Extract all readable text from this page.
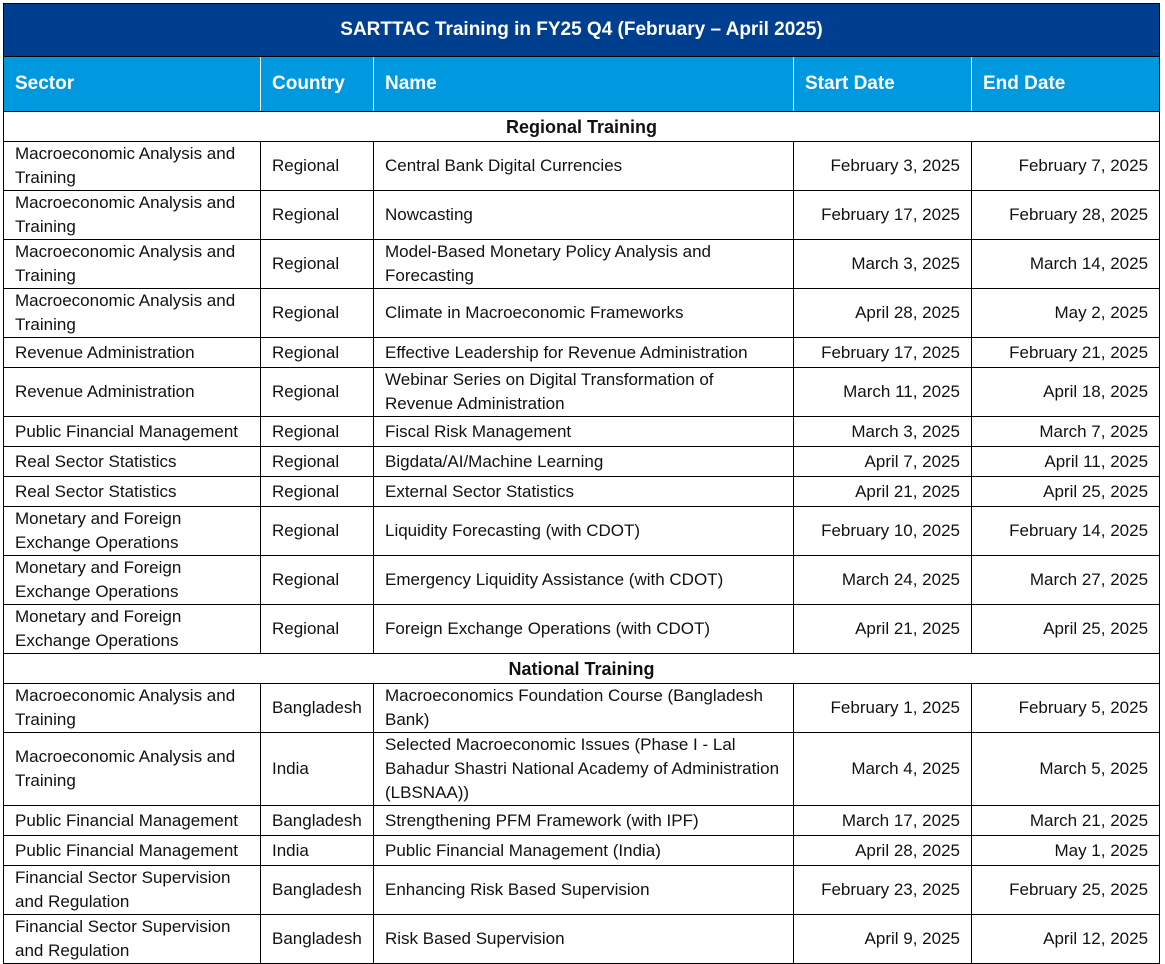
SARTTAC Training in FY25 Q4 (February – April 2025)				
Sector	Country	Name	Start Date	End Date
Regional Training				
Macroeconomic Analysis and Training	Regional	Central Bank Digital Currencies	February 3, 2025	February 7, 2025
Macroeconomic Analysis and Training	Regional	Nowcasting	February 17, 2025	February 28, 2025
Macroeconomic Analysis and Training	Regional	Model-Based Monetary Policy Analysis and Forecasting	March 3, 2025	March 14, 2025
Macroeconomic Analysis and Training	Regional	Climate in Macroeconomic Frameworks	April 28, 2025	May 2, 2025
Revenue Administration	Regional	Effective Leadership for Revenue Administration	February 17, 2025	February 21, 2025
Revenue Administration	Regional	Webinar Series on Digital Transformation of Revenue Administration	March 11, 2025	April 18, 2025
Public Financial Management	Regional	Fiscal Risk Management	March 3, 2025	March 7, 2025
Real Sector Statistics	Regional	Bigdata/AI/Machine Learning	April 7, 2025	April 11, 2025
Real Sector Statistics	Regional	External Sector Statistics	April 21, 2025	April 25, 2025
Monetary and Foreign Exchange Operations	Regional	Liquidity Forecasting (with CDOT)	February 10, 2025	February 14, 2025
Monetary and Foreign Exchange Operations	Regional	Emergency Liquidity Assistance (with CDOT)	March 24, 2025	March 27, 2025
Monetary and Foreign Exchange Operations	Regional	Foreign Exchange Operations (with CDOT)	April 21, 2025	April 25, 2025
National Training				
Macroeconomic Analysis and Training	Bangladesh	Macroeconomics Foundation Course (Bangladesh Bank)	February 1, 2025	February 5, 2025
Macroeconomic Analysis and Training	India	Selected Macroeconomic Issues (Phase I - Lal Bahadur Shastri National Academy of Administration (LBSNAA))	March 4, 2025	March 5, 2025
Public Financial Management	Bangladesh	Strengthening PFM Framework (with IPF)	March 17, 2025	March 21, 2025
Public Financial Management	India	Public Financial Management (India)	April 28, 2025	May 1, 2025
Financial Sector Supervision and Regulation	Bangladesh	Enhancing Risk Based Supervision	February 23, 2025	February 25, 2025
Financial Sector Supervision and Regulation	Bangladesh	Risk Based Supervision	April 9, 2025	April 12, 2025
